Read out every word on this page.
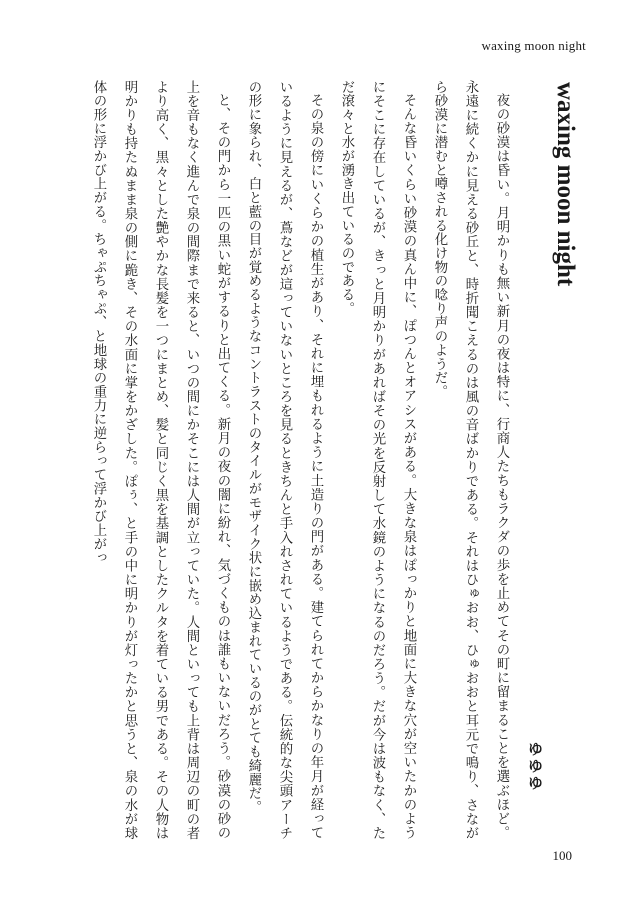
waxing moon night
waxing moon night

夜の砂漠は昏い。月明かりも無い新月の夜は特に、行商人たちもラクダの歩を止めてその町に留まることを選ぶほど。永遠に続くかに見える砂丘と、時折聞こえるのは風の音ばかりである。それはひゅおお、ひゅおおと耳元で鳴り、さながら砂漠に潜むと噂される化け物の唸り声のようだ。

そんな昏いくらい砂漠の真ん中に、ぽつんとオアシスがある。大きな泉はぽっかりと地面に大きな穴が空いたかのようにそこに存在しているが、きっと月明かりがあればその光を反射して水鏡のようになるのだろう。だが今は波もなく、ただ滾々と水が湧き出ているのである。

その泉の傍にいくらかの植生があり、それに埋もれるように土造りの門がある。建てられてからかなりの年月が経っているように見えるが、蔦などが這っていないところを見るときちんと手入れされているようである。伝統的な尖頭アーチの形に象られ、白と藍の目が覚めるようなコントラストのタイルがモザイク状に嵌め込まれているのがとても綺麗だ。

と、その門から一匹の黒い蛇がするりと出てくる。新月の夜の闇に紛れ、気づくものは誰もいないだろう。砂漠の砂の上を音もなく進んで泉の間際まで来ると、いつの間にかそこには人間が立っていた。人間といっても上背は周辺の町の者より高く、黒々とした艶やかな長髪を一つにまとめ、髪と同じく黒を基調としたクルタを着ている男である。その人物は明かりも持たぬまま泉の側に跪き、その水面に掌をかざした。ぽぅ、と手の中に明かりが灯ったかと思うと、泉の水が球体の形に浮かび上がる。ちゃぷちゃぷ、と地球の重力に逆らって浮かび上がっ

ゆゆゆ
100
